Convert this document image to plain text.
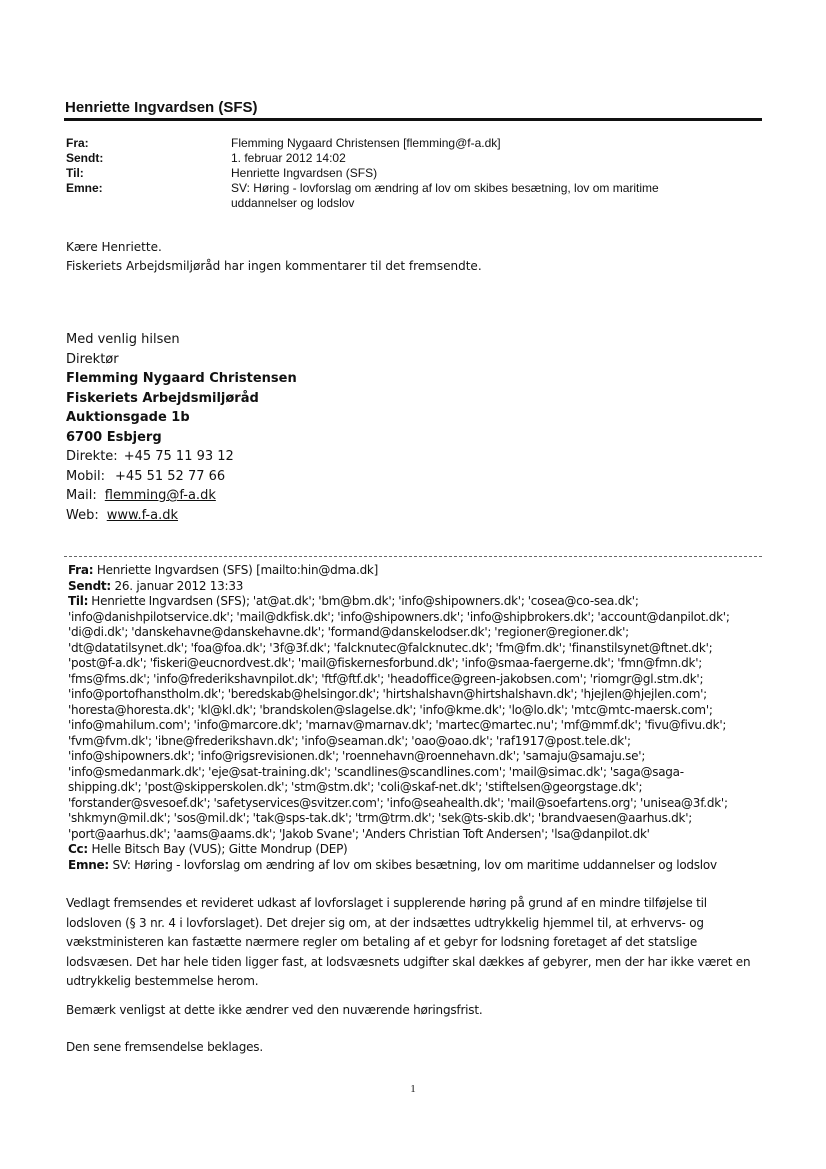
Henriette Ingvardsen (SFS)
Fra:	Flemming Nygaard Christensen [flemming@f-a.dk]
Sendt:	1. februar 2012 14:02
Til:	Henriette Ingvardsen (SFS)
Emne:	SV: Høring - lovforslag om ændring af lov om skibes besætning, lov om maritime uddannelser og lodslov
Kære Henriette.
Fiskeriets Arbejdsmiljøråd har ingen kommentarer til det fremsendte.
Med venlig hilsen
Direktør
Flemming Nygaard Christensen
Fiskeriets Arbejdsmiljøråd
Auktionsgade 1b
6700 Esbjerg
Direkte: +45 75 11 93 12
Mobil: +45 51 52 77 66
Mail: flemming@f-a.dk
Web: www.f-a.dk
Fra: Henriette Ingvardsen (SFS) [mailto:hin@dma.dk]
Sendt: 26. januar 2012 13:33
Til: Henriette Ingvardsen (SFS); 'at@at.dk'; 'bm@bm.dk'; 'info@shipowners.dk'; 'cosea@co-sea.dk';
'info@danishpilotservice.dk'; 'mail@dkfisk.dk'; 'info@shipowners.dk'; 'info@shipbrokers.dk'; 'account@danpilot.dk';
'di@di.dk'; 'danskehavne@danskehavne.dk'; 'formand@danskelodser.dk'; 'regioner@regioner.dk';
'dt@datatilsynet.dk'; 'foa@foa.dk'; '3f@3f.dk'; 'falcknutec@falcknutec.dk'; 'fm@fm.dk'; 'finanstilsynet@ftnet.dk';
'post@f-a.dk'; 'fiskeri@eucnordvest.dk'; 'mail@fiskernesforbund.dk'; 'info@smaa-faergerne.dk'; 'fmn@fmn.dk';
'fms@fms.dk'; 'info@frederikshavnpilot.dk'; 'ftf@ftf.dk'; 'headoffice@green-jakobsen.com'; 'riomgr@gl.stm.dk';
'info@portofhanstholm.dk'; 'beredskab@helsingor.dk'; 'hirtshalshavn@hirtshalshavn.dk'; 'hjejlen@hjejlen.com';
'horesta@horesta.dk'; 'kl@kl.dk'; 'brandskolen@slagelse.dk'; 'info@kme.dk'; 'lo@lo.dk'; 'mtc@mtc-maersk.com';
'info@mahilum.com'; 'info@marcore.dk'; 'marnav@marnav.dk'; 'martec@martec.nu'; 'mf@mmf.dk'; 'fivu@fivu.dk';
'fvm@fvm.dk'; 'ibne@frederikshavn.dk'; 'info@seaman.dk'; 'oao@oao.dk'; 'raf1917@post.tele.dk';
'info@shipowners.dk'; 'info@rigsrevisionen.dk'; 'roennehavn@roennehavn.dk'; 'samaju@samaju.se';
'info@smedanmark.dk'; 'eje@sat-training.dk'; 'scandlines@scandlines.com'; 'mail@simac.dk'; 'saga@saga-
shipping.dk'; 'post@skipperskolen.dk'; 'stm@stm.dk'; 'coli@skaf-net.dk'; 'stiftelsen@georgstage.dk';
'forstander@svesoef.dk'; 'safetyservices@svitzer.com'; 'info@seahealth.dk'; 'mail@soefartens.org'; 'unisea@3f.dk';
'shkmyn@mil.dk'; 'sos@mil.dk'; 'tak@sps-tak.dk'; 'trm@trm.dk'; 'sek@ts-skib.dk'; 'brandvaesen@aarhus.dk';
'port@aarhus.dk'; 'aams@aams.dk'; 'Jakob Svane'; 'Anders Christian Toft Andersen'; 'lsa@danpilot.dk'
Cc: Helle Bitsch Bay (VUS); Gitte Mondrup (DEP)
Emne: SV: Høring - lovforslag om ændring af lov om skibes besætning, lov om maritime uddannelser og lodslov
Vedlagt fremsendes et revideret udkast af lovforslaget i supplerende høring på grund af en mindre tilføjelse til
lodsloven (§ 3 nr. 4 i lovforslaget). Det drejer sig om, at der indsættes udtrykkelig hjemmel til, at erhvervs- og
vækstministeren kan fastætte nærmere regler om betaling af et gebyr for lodsning foretaget af det statslige
lodsvæsen. Det har hele tiden ligger fast, at lodsvæsnets udgifter skal dækkes af gebyrer, men der har ikke været en
udtrykkelig bestemmelse herom.
Bemærk venligst at dette ikke ændrer ved den nuværende høringsfrist.
Den sene fremsendelse beklages.
1
